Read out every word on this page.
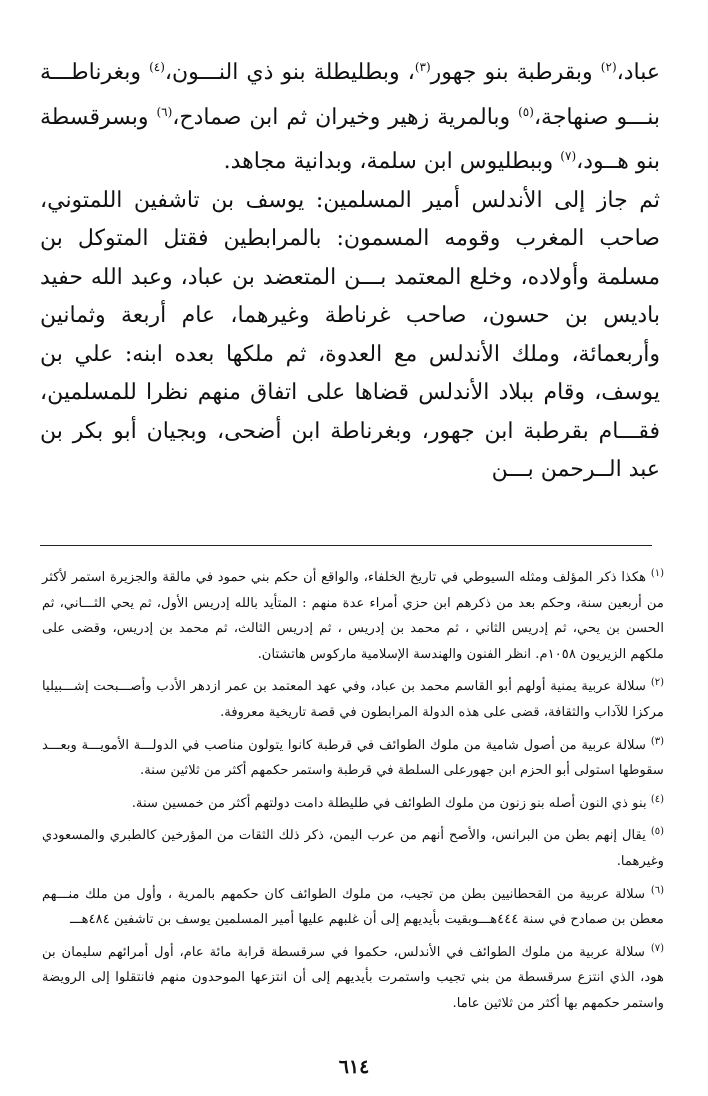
عباد،$^{(٢)}$ وبقرطبة بنو جهور$^{(٣)}$، وبطليطلة بنو ذي النـــون،$^{(٤)}$ وبغرناطـــة بنـــو صنهاجة،$^{(٥)}$ وبالمرية زهير وخيران ثم ابن صمادح،$^{(٦)}$ وبسرقسطة بنو هــود،$^{(٧)}$ وببطليوس ابن سلمة، وبدانية مجاهد.

ثم جاز إلى الأندلس أمير المسلمين: يوسف بن تاشفين اللمتوني، صاحب المغرب وقومه المسمون: بالمرابطين فقتل المتوكل بن مسلمة وأولاده، وخلع المعتمد بـــن المتعضد بن عباد، وعبد الله حفيد باديس بن حسون، صاحب غرناطة وغيرهما، عام أربعة وثمانين وأربعمائة، وملك الأندلس مع العدوة، ثم ملكها بعده ابنه: علي بن يوسف، وقام ببلاد الأندلس قضاها على اتفاق منهم نظرا للمسلمين، فقـــام بقرطبة ابن جهور، وبغرناطة ابن أضحى، وبجيان أبو بكر بن عبد الــرحمن بـــن

$^{(١)}$ هكذا ذكر المؤلف ومثله السيوطي في تاريخ الخلفاء، والواقع أن حكم بني حمود في مالقة والجزيرة استمر لأكثر من أربعين سنة، وحكم بعد من ذكرهم ابن حزي أمراء عدة منهم : المتأيد بالله إدريس الأول، ثم يحي الثـــاني، ثم الحسن بن يحي، ثم إدريس الثاني ، ثم محمد بن إدريس ، ثم إدريس الثالث، ثم محمد بن إدريس، وقضى على ملكهم الزيريون ١٠٥٨م. انظر الفنون والهندسة الإسلامية ماركوس هاتشتان.

$^{(٢)}$ سلالة عربية يمنية أولهم أبو القاسم محمد بن عباد، وفي عهد المعتمد بن عمر ازدهر الأدب وأصـــبحت إشـــبيليا مركزا للآداب والثقافة، قضى على هذه الدولة المرابطون في قصة تاريخية معروفة.

$^{(٣)}$ سلالة عربية من أصول شامية من ملوك الطوائف في قرطبة كانوا يتولون مناصب في الدولـــة الأمويـــة وبعـــد سقوطها استولى أبو الحزم ابن جهورعلى السلطة في قرطبة واستمر حكمهم أكثر من ثلاثين سنة.

$^{(٤)}$ بنو ذي النون أصله بنو زنون من ملوك الطوائف في طليطلة دامت دولتهم أكثر من خمسين سنة.

$^{(٥)}$ يقال إنهم بطن من البرانس، والأصح أنهم من عرب اليمن، ذكر ذلك الثقات من المؤرخين كالطبري والمسعودي وغيرهما.

$^{(٦)}$ سلالة عربية من القحطانيين بطن من تجيب، من ملوك الطوائف كان حكمهم بالمرية ، وأول من ملك منـــهم معطن بن صمادح في سنة ٤٤٤هـــوبقيت بأيديهم إلى أن غلبهم عليها أمير المسلمين يوسف بن تاشفين ٤٨٤هـــ

$^{(٧)}$ سلالة عربية من ملوك الطوائف في الأندلس، حكموا في سرقسطة قرابة مائة عام، أول أمرائهم سليمان بن هود، الذي انتزع سرقسطة من بني تجيب واستمرت بأيديهم إلى أن انتزعها الموحدون منهم فانتقلوا إلى الرويضة واستمر حكمهم بها أكثر من ثلاثين عاما.

٦١٤
